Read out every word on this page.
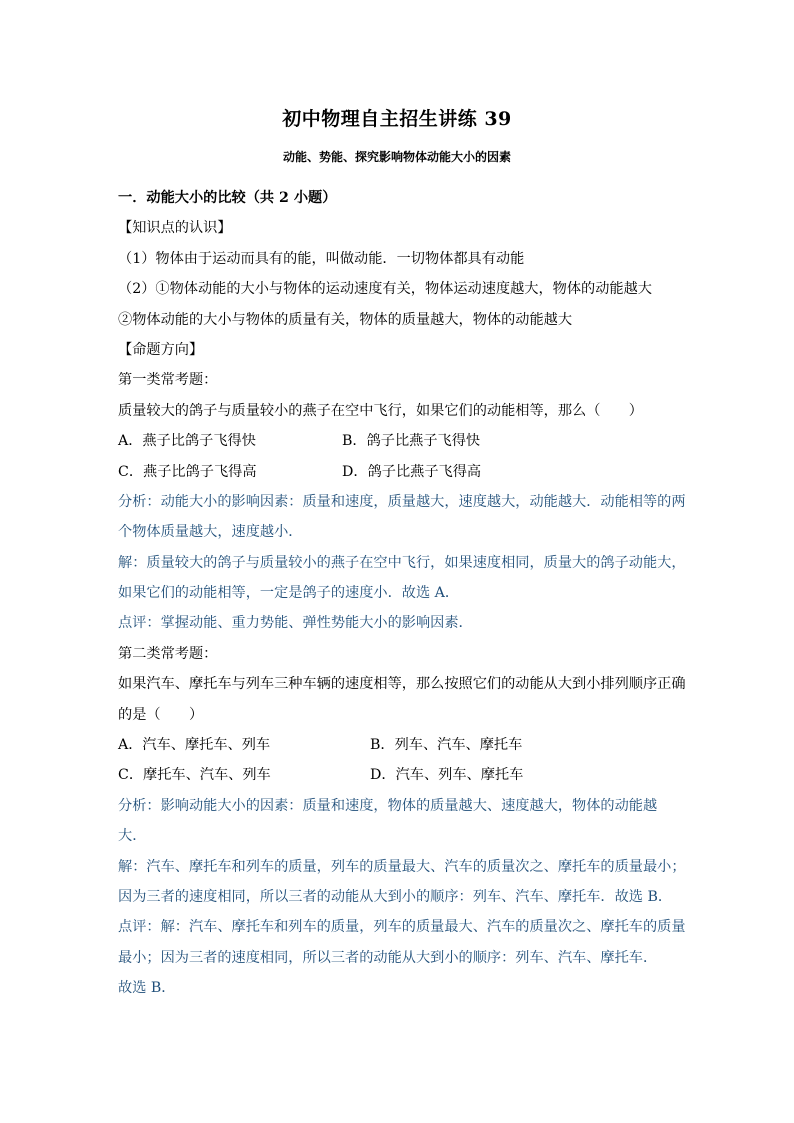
初中物理自主招生讲练 39
动能、势能、探究影响物体动能大小的因素
一．动能大小的比较（共 2 小题）
【知识点的认识】
（1）物体由于运动而具有的能，叫做动能．一切物体都具有动能
（2）①物体动能的大小与物体的运动速度有关，物体运动速度越大，物体的动能越大
②物体动能的大小与物体的质量有关，物体的质量越大，物体的动能越大
【命题方向】
第一类常考题：
质量较大的鸽子与质量较小的燕子在空中飞行，如果它们的动能相等，那么（　　）
A．燕子比鸽子飞得快	B．鸽子比燕子飞得快
C．燕子比鸽子飞得高	D．鸽子比燕子飞得高
分析：动能大小的影响因素：质量和速度，质量越大，速度越大，动能越大．动能相等的两
个物体质量越大，速度越小．
解：质量较大的鸽子与质量较小的燕子在空中飞行，如果速度相同，质量大的鸽子动能大，
如果它们的动能相等，一定是鸽子的速度小．故选 A．
点评：掌握动能、重力势能、弹性势能大小的影响因素．
第二类常考题：
如果汽车、摩托车与列车三种车辆的速度相等，那么按照它们的动能从大到小排列顺序正确
的是（　　）
A．汽车、摩托车、列车	B．列车、汽车、摩托车
C．摩托车、汽车、列车	D．汽车、列车、摩托车
分析：影响动能大小的因素：质量和速度，物体的质量越大、速度越大，物体的动能越
大．
解：汽车、摩托车和列车的质量，列车的质量最大、汽车的质量次之、摩托车的质量最小；
因为三者的速度相同，所以三者的动能从大到小的顺序：列车、汽车、摩托车．故选 B．
点评：解：汽车、摩托车和列车的质量，列车的质量最大、汽车的质量次之、摩托车的质量
最小；因为三者的速度相同，所以三者的动能从大到小的顺序：列车、汽车、摩托车．
故选 B．
